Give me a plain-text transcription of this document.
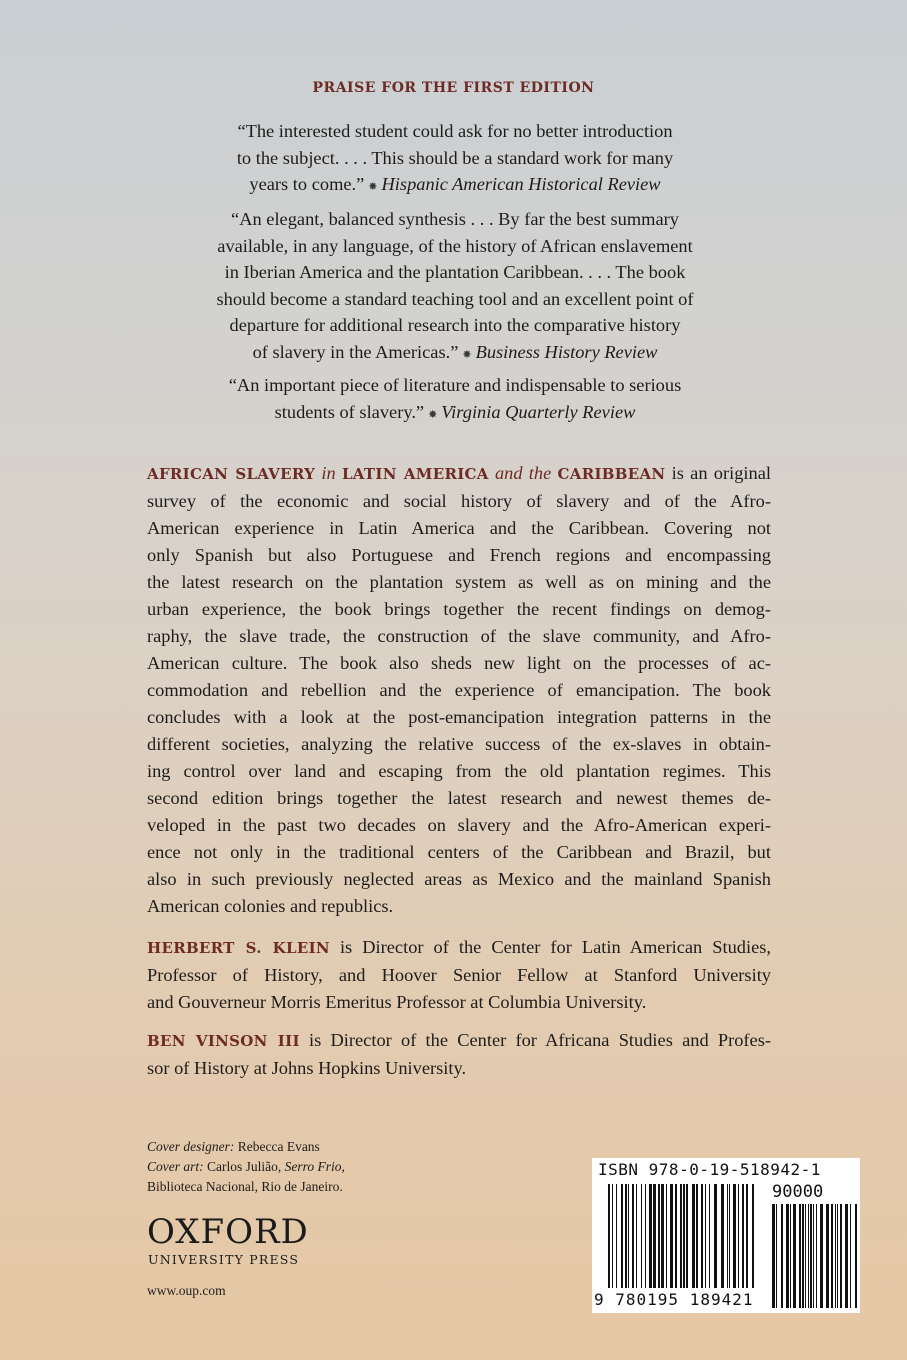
PRAISE FOR THE FIRST EDITION
“The interested student could ask for no better introduction
to the subject. . . . This should be a standard work for many
years to come.” ✸ Hispanic American Historical Review
“An elegant, balanced synthesis . . . By far the best summary
available, in any language, of the history of African enslavement
in Iberian America and the plantation Caribbean. . . . The book
should become a standard teaching tool and an excellent point of
departure for additional research into the comparative history
of slavery in the Americas.” ✸ Business History Review
“An important piece of literature and indispensable to serious
students of slavery.” ✸ Virginia Quarterly Review
AFRICAN SLAVERY in LATIN AMERICA and the CARIBBEAN is an original
survey of the economic and social history of slavery and of the Afro-
American experience in Latin America and the Caribbean. Covering not
only Spanish but also Portuguese and French regions and encompassing
the latest research on the plantation system as well as on mining and the
urban experience, the book brings together the recent findings on demog-
raphy, the slave trade, the construction of the slave community, and Afro-
American culture. The book also sheds new light on the processes of ac-
commodation and rebellion and the experience of emancipation. The book
concludes with a look at the post-emancipation integration patterns in the
different societies, analyzing the relative success of the ex-slaves in obtain-
ing control over land and escaping from the old plantation regimes. This
second edition brings together the latest research and newest themes de-
veloped in the past two decades on slavery and the Afro-American experi-
ence not only in the traditional centers of the Caribbean and Brazil, but
also in such previously neglected areas as Mexico and the mainland Spanish
American colonies and republics.
HERBERT S. KLEIN is Director of the Center for Latin American Studies,
Professor of History, and Hoover Senior Fellow at Stanford University
and Gouverneur Morris Emeritus Professor at Columbia University.
BEN VINSON III is Director of the Center for Africana Studies and Profes-
sor of History at Johns Hopkins University.
Cover designer: Rebecca Evans
Cover art: Carlos Julião, Serro Frio,
Biblioteca Nacional, Rio de Janeiro.
OXFORD
UNIVERSITY PRESS
www.oup.com
ISBN 978-0-19-518942-1
90000
9 780195 189421
